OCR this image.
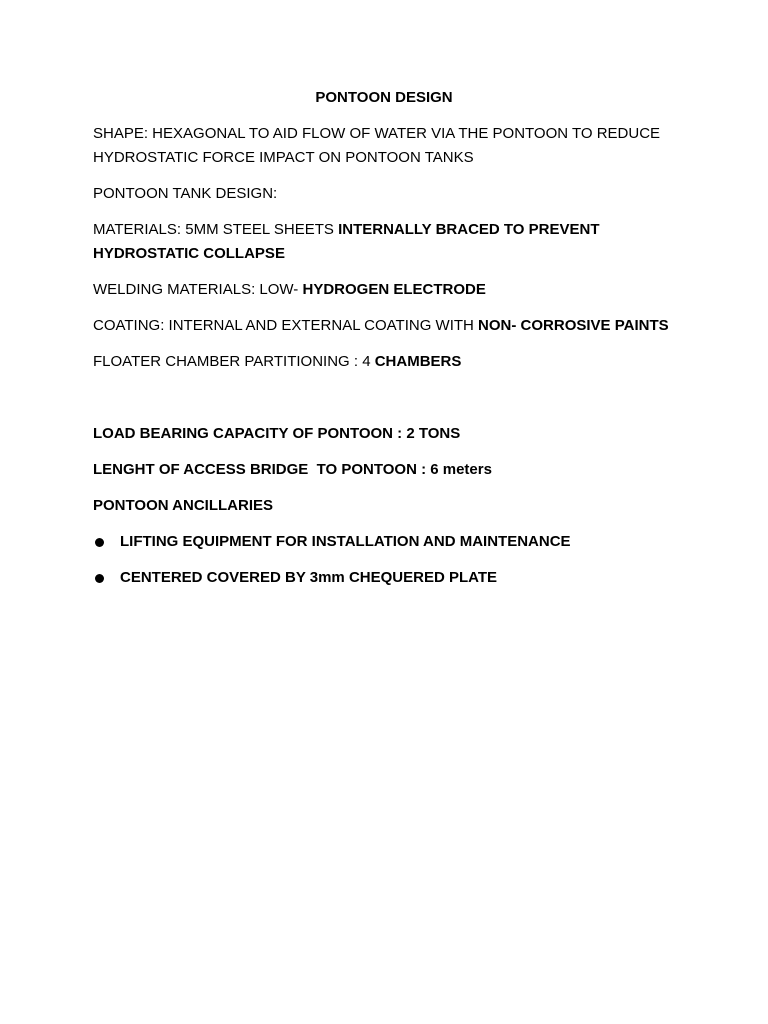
PONTOON DESIGN
SHAPE: HEXAGONAL TO AID FLOW OF WATER VIA THE PONTOON TO REDUCE
HYDROSTATIC FORCE IMPACT ON PONTOON TANKS
PONTOON TANK DESIGN:
MATERIALS: 5MM STEEL SHEETS INTERNALLY BRACED TO PREVENT
HYDROSTATIC COLLAPSE
WELDING MATERIALS: LOW- HYDROGEN ELECTRODE
COATING: INTERNAL AND EXTERNAL COATING WITH NON- CORROSIVE PAINTS
FLOATER CHAMBER PARTITIONING : 4 CHAMBERS
LOAD BEARING CAPACITY OF PONTOON : 2 TONS
LENGHT OF ACCESS BRIDGE  TO PONTOON : 6 meters
PONTOON ANCILLARIES
LIFTING EQUIPMENT FOR INSTALLATION AND MAINTENANCE
CENTERED COVERED BY 3mm CHEQUERED PLATE
